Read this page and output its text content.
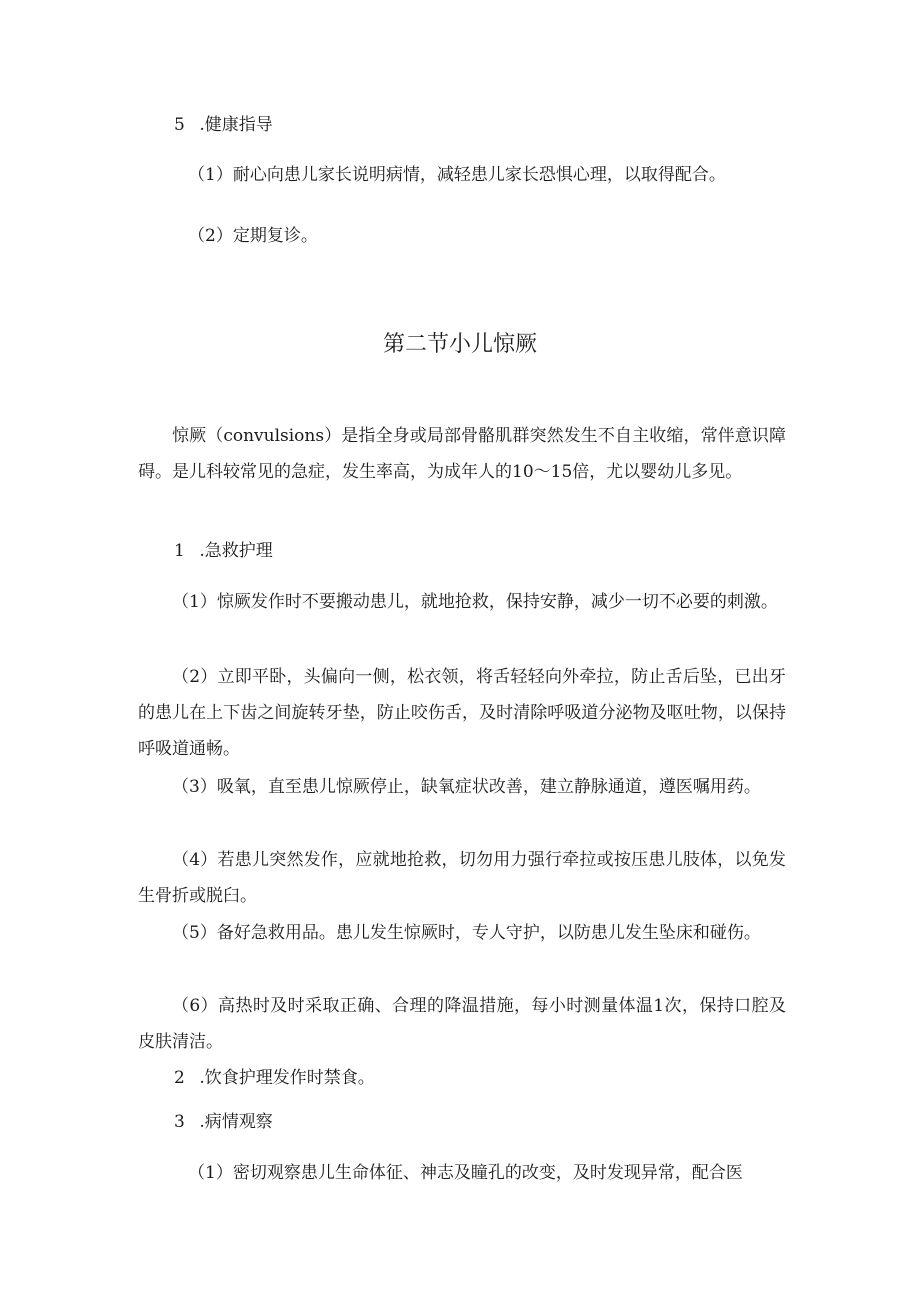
5 .健康指导
（1）耐心向患儿家长说明病情，减轻患儿家长恐惧心理，以取得配合。
（2）定期复诊。
第二节小儿惊厥
惊厥（convulsions）是指全身或局部骨骼肌群突然发生不自主收缩，常伴意识障碍。是儿科较常见的急症，发生率高，为成年人的10～15倍，尤以婴幼儿多见。
1 .急救护理
（1）惊厥发作时不要搬动患儿，就地抢救，保持安静，减少一切不必要的刺激。
（2）立即平卧，头偏向一侧，松衣领，将舌轻轻向外牵拉，防止舌后坠，已出牙的患儿在上下齿之间旋转牙垫，防止咬伤舌，及时清除呼吸道分泌物及呕吐物，以保持呼吸道通畅。
（3）吸氧，直至患儿惊厥停止，缺氧症状改善，建立静脉通道，遵医嘱用药。
（4）若患儿突然发作，应就地抢救，切勿用力强行牵拉或按压患儿肢体，以免发生骨折或脱臼。
（5）备好急救用品。患儿发生惊厥时，专人守护，以防患儿发生坠床和碰伤。
（6）高热时及时采取正确、合理的降温措施，每小时测量体温1次，保持口腔及皮肤清洁。
2 .饮食护理发作时禁食。
3 .病情观察
（1）密切观察患儿生命体征、神志及瞳孔的改变，及时发现异常，配合医
